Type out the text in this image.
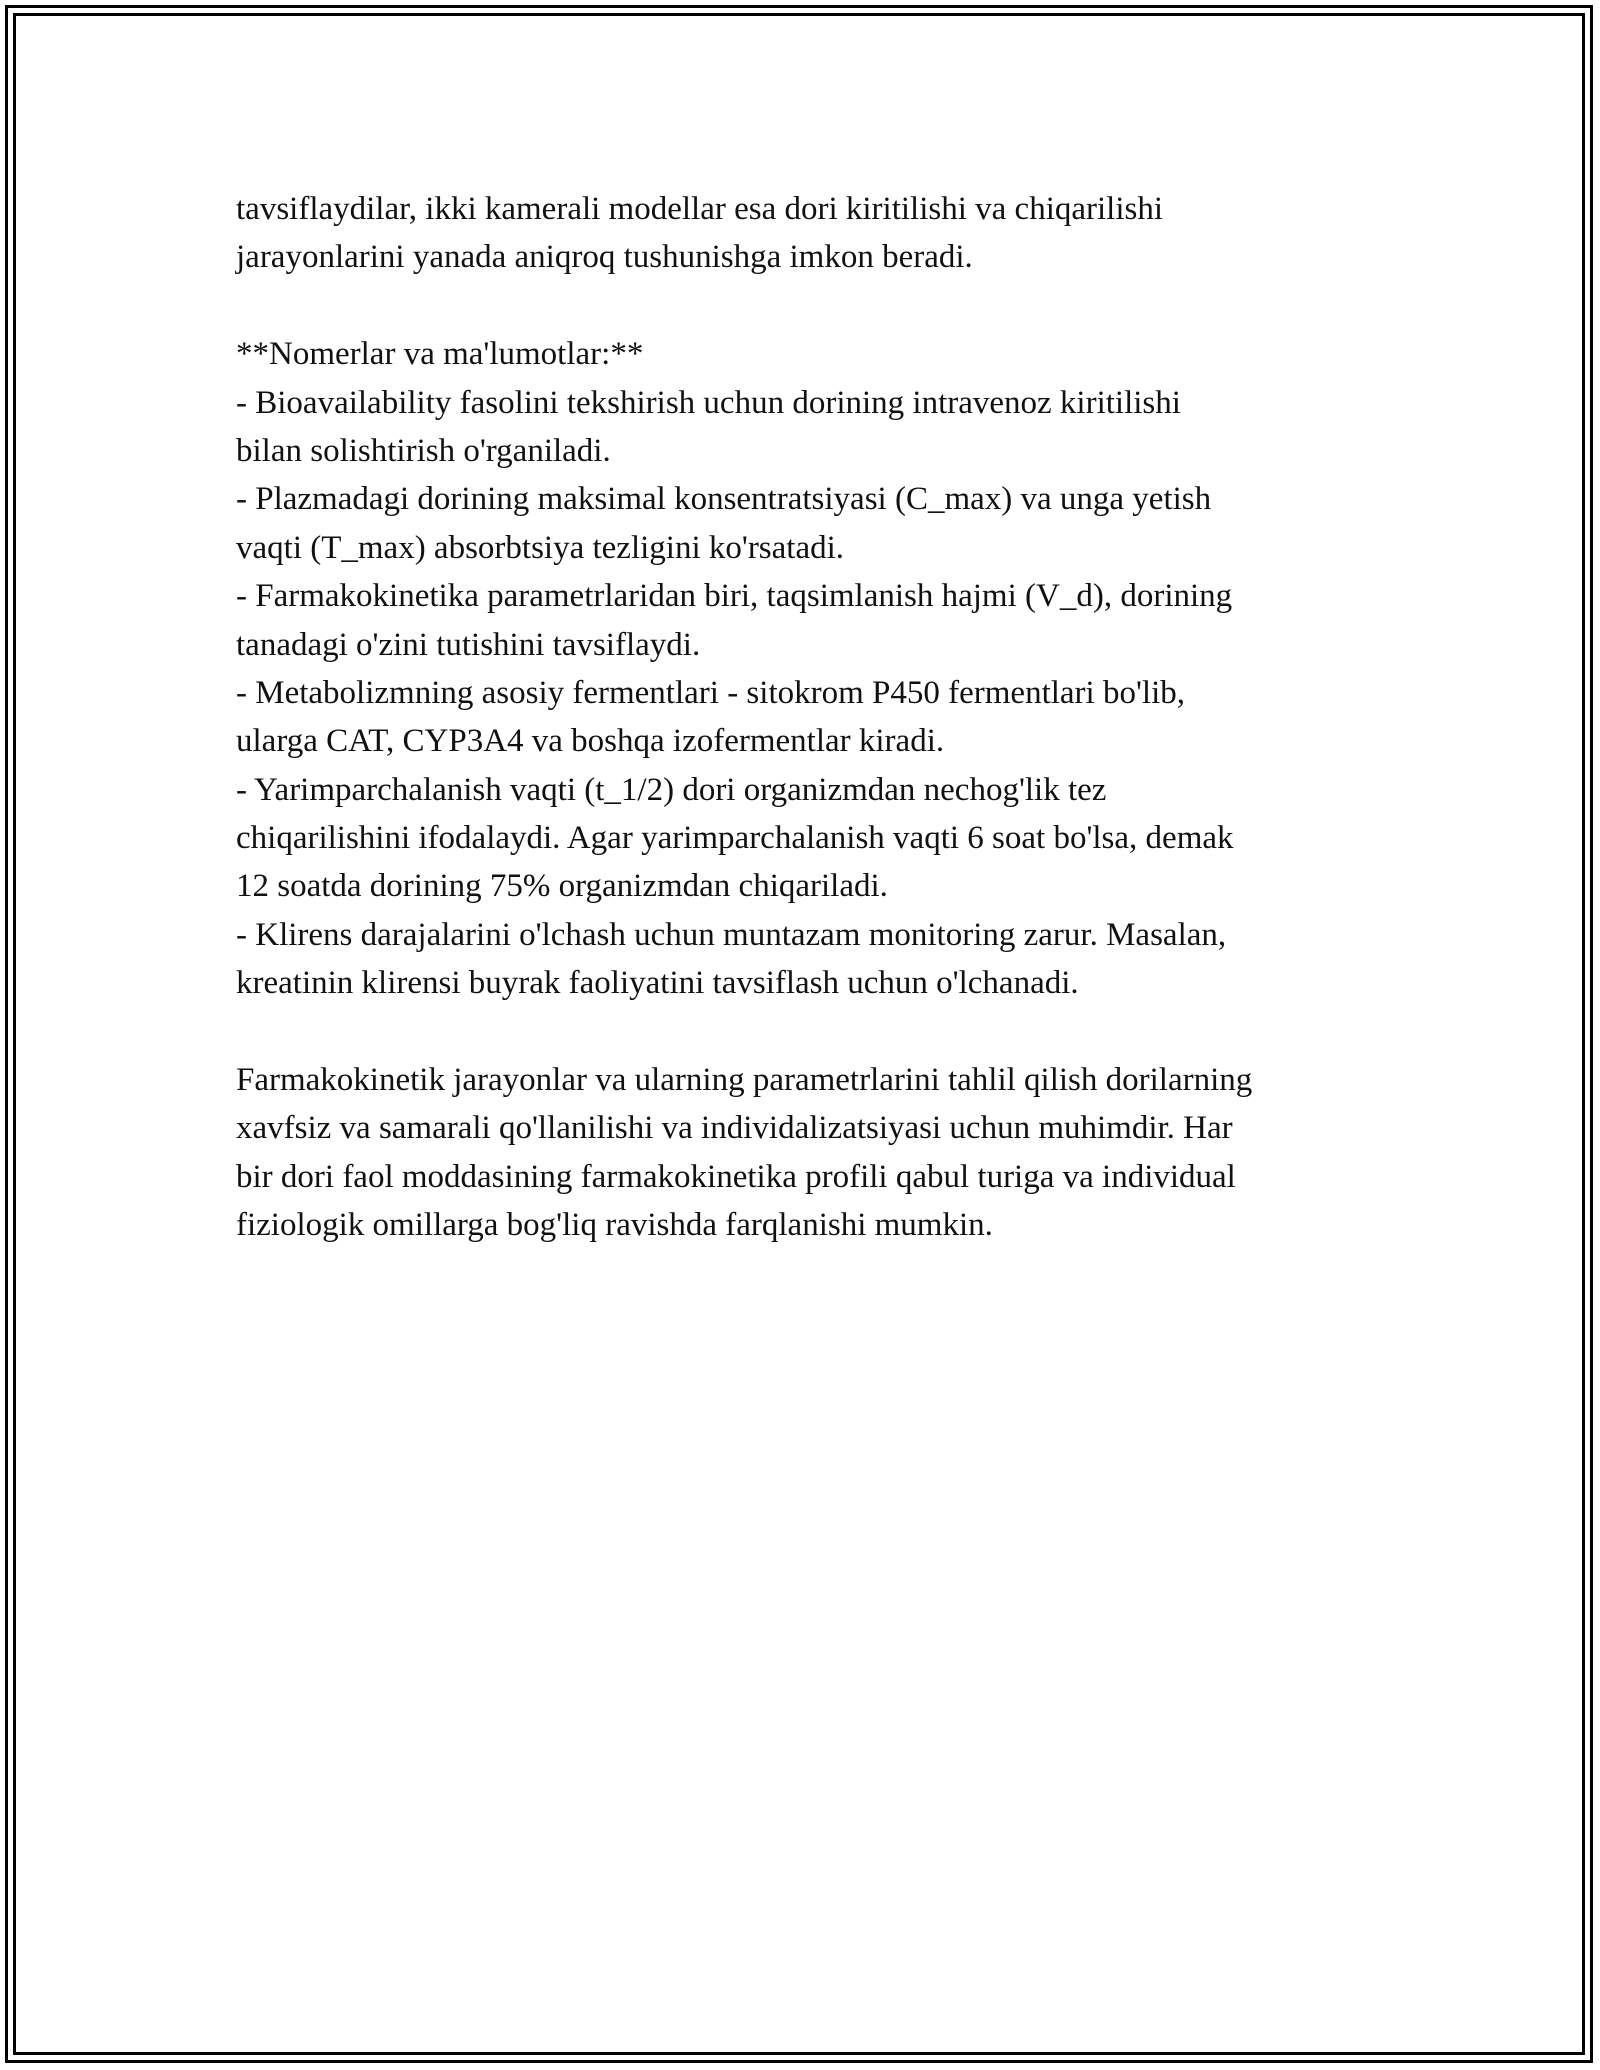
tavsiflaydilar, ikki kamerali modellar esa dori kiritilishi va chiqarilishi
jarayonlarini yanada aniqroq tushunishga imkon beradi.
**Nomerlar va ma'lumotlar:**
- Bioavailability fasolini tekshirish uchun dorining intravenoz kiritilishi
bilan solishtirish o'rganiladi.
- Plazmadagi dorining maksimal konsentratsiyasi (C_max) va unga yetish
vaqti (T_max) absorbtsiya tezligini ko'rsatadi.
- Farmakokinetika parametrlaridan biri, taqsimlanish hajmi (V_d), dorining
tanadagi o'zini tutishini tavsiflaydi.
- Metabolizmning asosiy fermentlari - sitokrom P450 fermentlari bo'lib,
ularga CAT, CYP3A4 va boshqa izofermentlar kiradi.
- Yarimparchalanish vaqti (t_1/2) dori organizmdan nechog'lik tez
chiqarilishini ifodalaydi. Agar yarimparchalanish vaqti 6 soat bo'lsa, demak
12 soatda dorining 75% organizmdan chiqariladi.
- Klirens darajalarini o'lchash uchun muntazam monitoring zarur. Masalan,
kreatinin klirensi buyrak faoliyatini tavsiflash uchun o'lchanadi.
Farmakokinetik jarayonlar va ularning parametrlarini tahlil qilish dorilarning
xavfsiz va samarali qo'llanilishi va individalizatsiyasi uchun muhimdir. Har
bir dori faol moddasining farmakokinetika profili qabul turiga va individual
fiziologik omillarga bog'liq ravishda farqlanishi mumkin.
